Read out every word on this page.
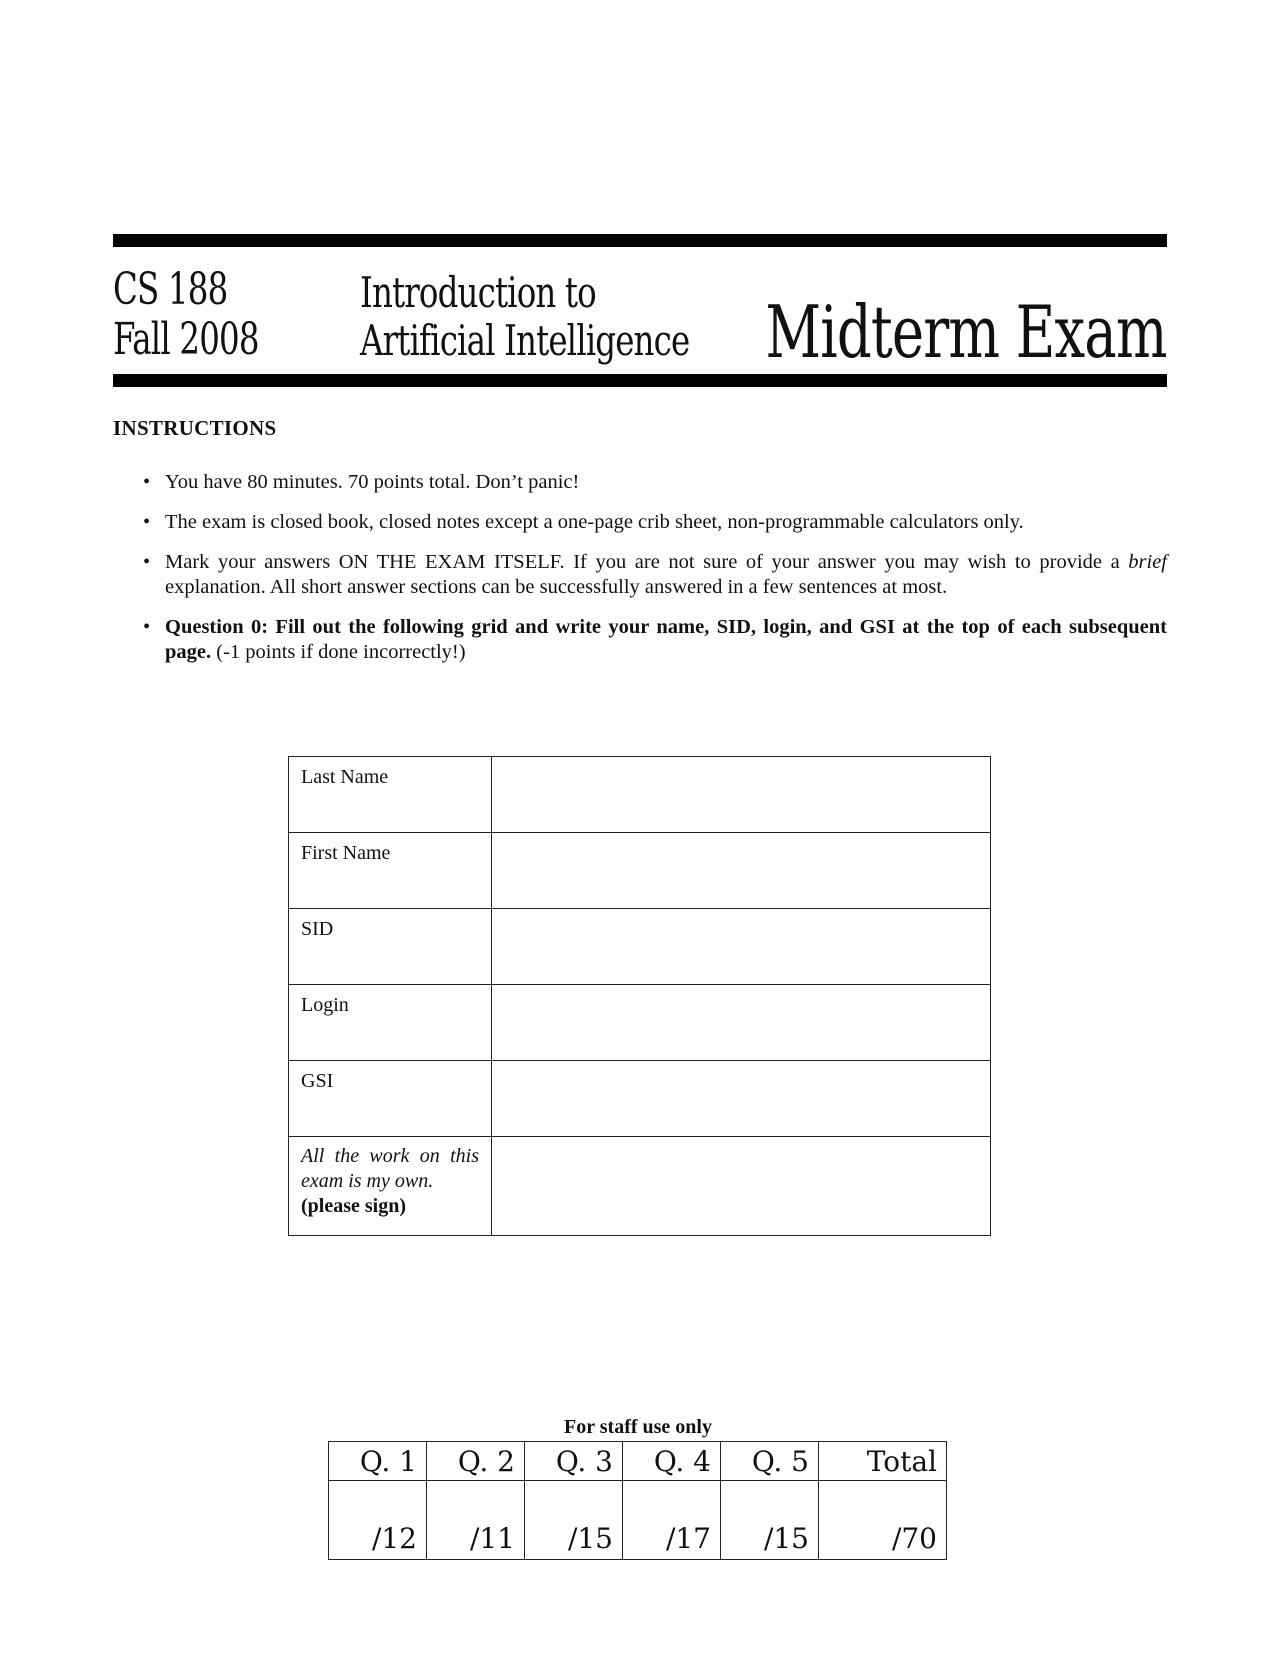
CS 188
Fall 2008
Introduction to
Artificial Intelligence Midterm Exam
INSTRUCTIONS
• You have 80 minutes. 70 points total. Don’t panic!
• The exam is closed book, closed notes except a one-page crib sheet, non-programmable calculators only.
• Mark your answers ON THE EXAM ITSELF. If you are not sure of your answer you may wish to provide a brief explanation. All short answer sections can be successfully answered in a few sentences at most.
• Question 0: Fill out the following grid and write your name, SID, login, and GSI at the top of each subsequent page. (-1 points if done incorrectly!)
Last Name	
First Name	
SID	
Login	
GSI	

All the work on this exam is my own.
(please sign)	

For staff use only
Q. 1	Q. 2	Q. 3	Q. 4	Q. 5	Total
/12	/11	/15	/17	/15	/70
